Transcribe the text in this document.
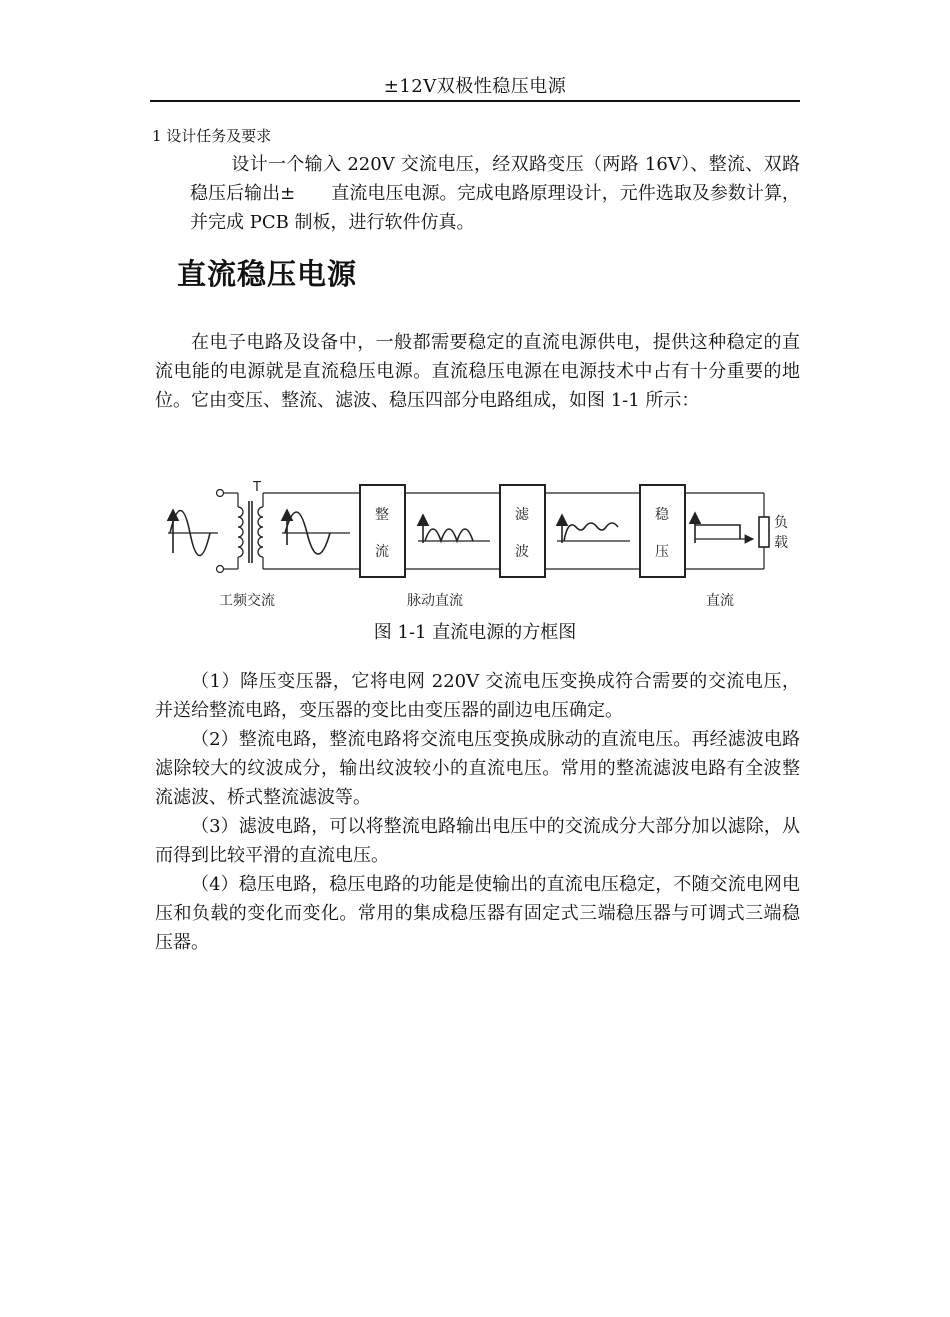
±12V双极性稳压电源
1 设计任务及要求

设计一个输入 220V 交流电压，经双路变压（两路 16V）、整流、双路稳压后输出±　　直流电压电源。完成电路原理设计，元件选取及参数计算，并完成 PCB 制板，进行软件仿真。

直流稳压电源

在电子电路及设备中，一般都需要稳定的直流电源供电，提供这种稳定的直流电能的电源就是直流稳压电源。直流稳压电源在电源技术中占有十分重要的地位。它由变压、整流、滤波、稳压四部分电路组成，如图 1-1 所示：

T
整
流
滤
波
稳
压
负
载
工频交流	脉动直流	直流
图 1-1 直流电源的方框图

（1）降压变压器，它将电网 220V 交流电压变换成符合需要的交流电压，并送给整流电路，变压器的变比由变压器的副边电压确定。

（2）整流电路，整流电路将交流电压变换成脉动的直流电压。再经滤波电路滤除较大的纹波成分，输出纹波较小的直流电压。常用的整流滤波电路有全波整流滤波、桥式整流滤波等。

（3）滤波电路，可以将整流电路输出电压中的交流成分大部分加以滤除，从而得到比较平滑的直流电压。

（4）稳压电路，稳压电路的功能是使输出的直流电压稳定，不随交流电网电压和负载的变化而变化。常用的集成稳压器有固定式三端稳压器与可调式三端稳压器。
